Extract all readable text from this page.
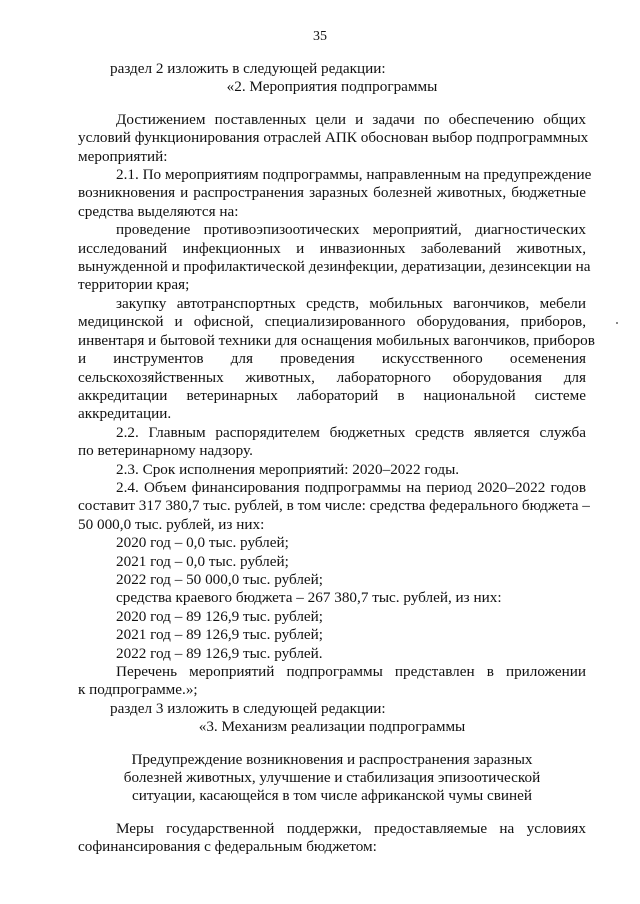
35
раздел 2 изложить в следующей редакции:
«2. Мероприятия подпрограммы
Достижением поставленных цели и задачи по обеспечению общих
условий функционирования отраслей АПК обоснован выбор подпрограммных
мероприятий:
2.1. По мероприятиям подпрограммы, направленным на предупреждение
возникновения и распространения заразных болезней животных, бюджетные
средства выделяются на:
проведение противоэпизоотических мероприятий, диагностических
исследований инфекционных и инвазионных заболеваний животных,
вынужденной и профилактической дезинфекции, дератизации, дезинсекции на
территории края;
закупку автотранспортных средств, мобильных вагончиков, мебели
медицинской и офисной, специализированного оборудования, приборов,
инвентаря и бытовой техники для оснащения мобильных вагончиков, приборов
и инструментов для проведения искусственного осеменения
сельскохозяйственных животных, лабораторного оборудования для
аккредитации ветеринарных лабораторий в национальной системе
аккредитации.
2.2. Главным распорядителем бюджетных средств является служба
по ветеринарному надзору.
2.3. Срок исполнения мероприятий: 2020–2022 годы.
2.4. Объем финансирования подпрограммы на период 2020–2022 годов
составит 317 380,7 тыс. рублей, в том числе: средства федерального бюджета –
50 000,0 тыс. рублей, из них:
2020 год – 0,0 тыс. рублей;
2021 год – 0,0 тыс. рублей;
2022 год – 50 000,0 тыс. рублей;
средства краевого бюджета – 267 380,7 тыс. рублей, из них:
2020 год – 89 126,9 тыс. рублей;
2021 год – 89 126,9 тыс. рублей;
2022 год – 89 126,9 тыс. рублей.
Перечень мероприятий подпрограммы представлен в приложении
к подпрограмме.»;
раздел 3 изложить в следующей редакции:
«3. Механизм реализации подпрограммы
Предупреждение возникновения и распространения заразных
болезней животных, улучшение и стабилизация эпизоотической
ситуации, касающейся в том числе африканской чумы свиней
Меры государственной поддержки, предоставляемые на условиях
софинансирования с федеральным бюджетом:
